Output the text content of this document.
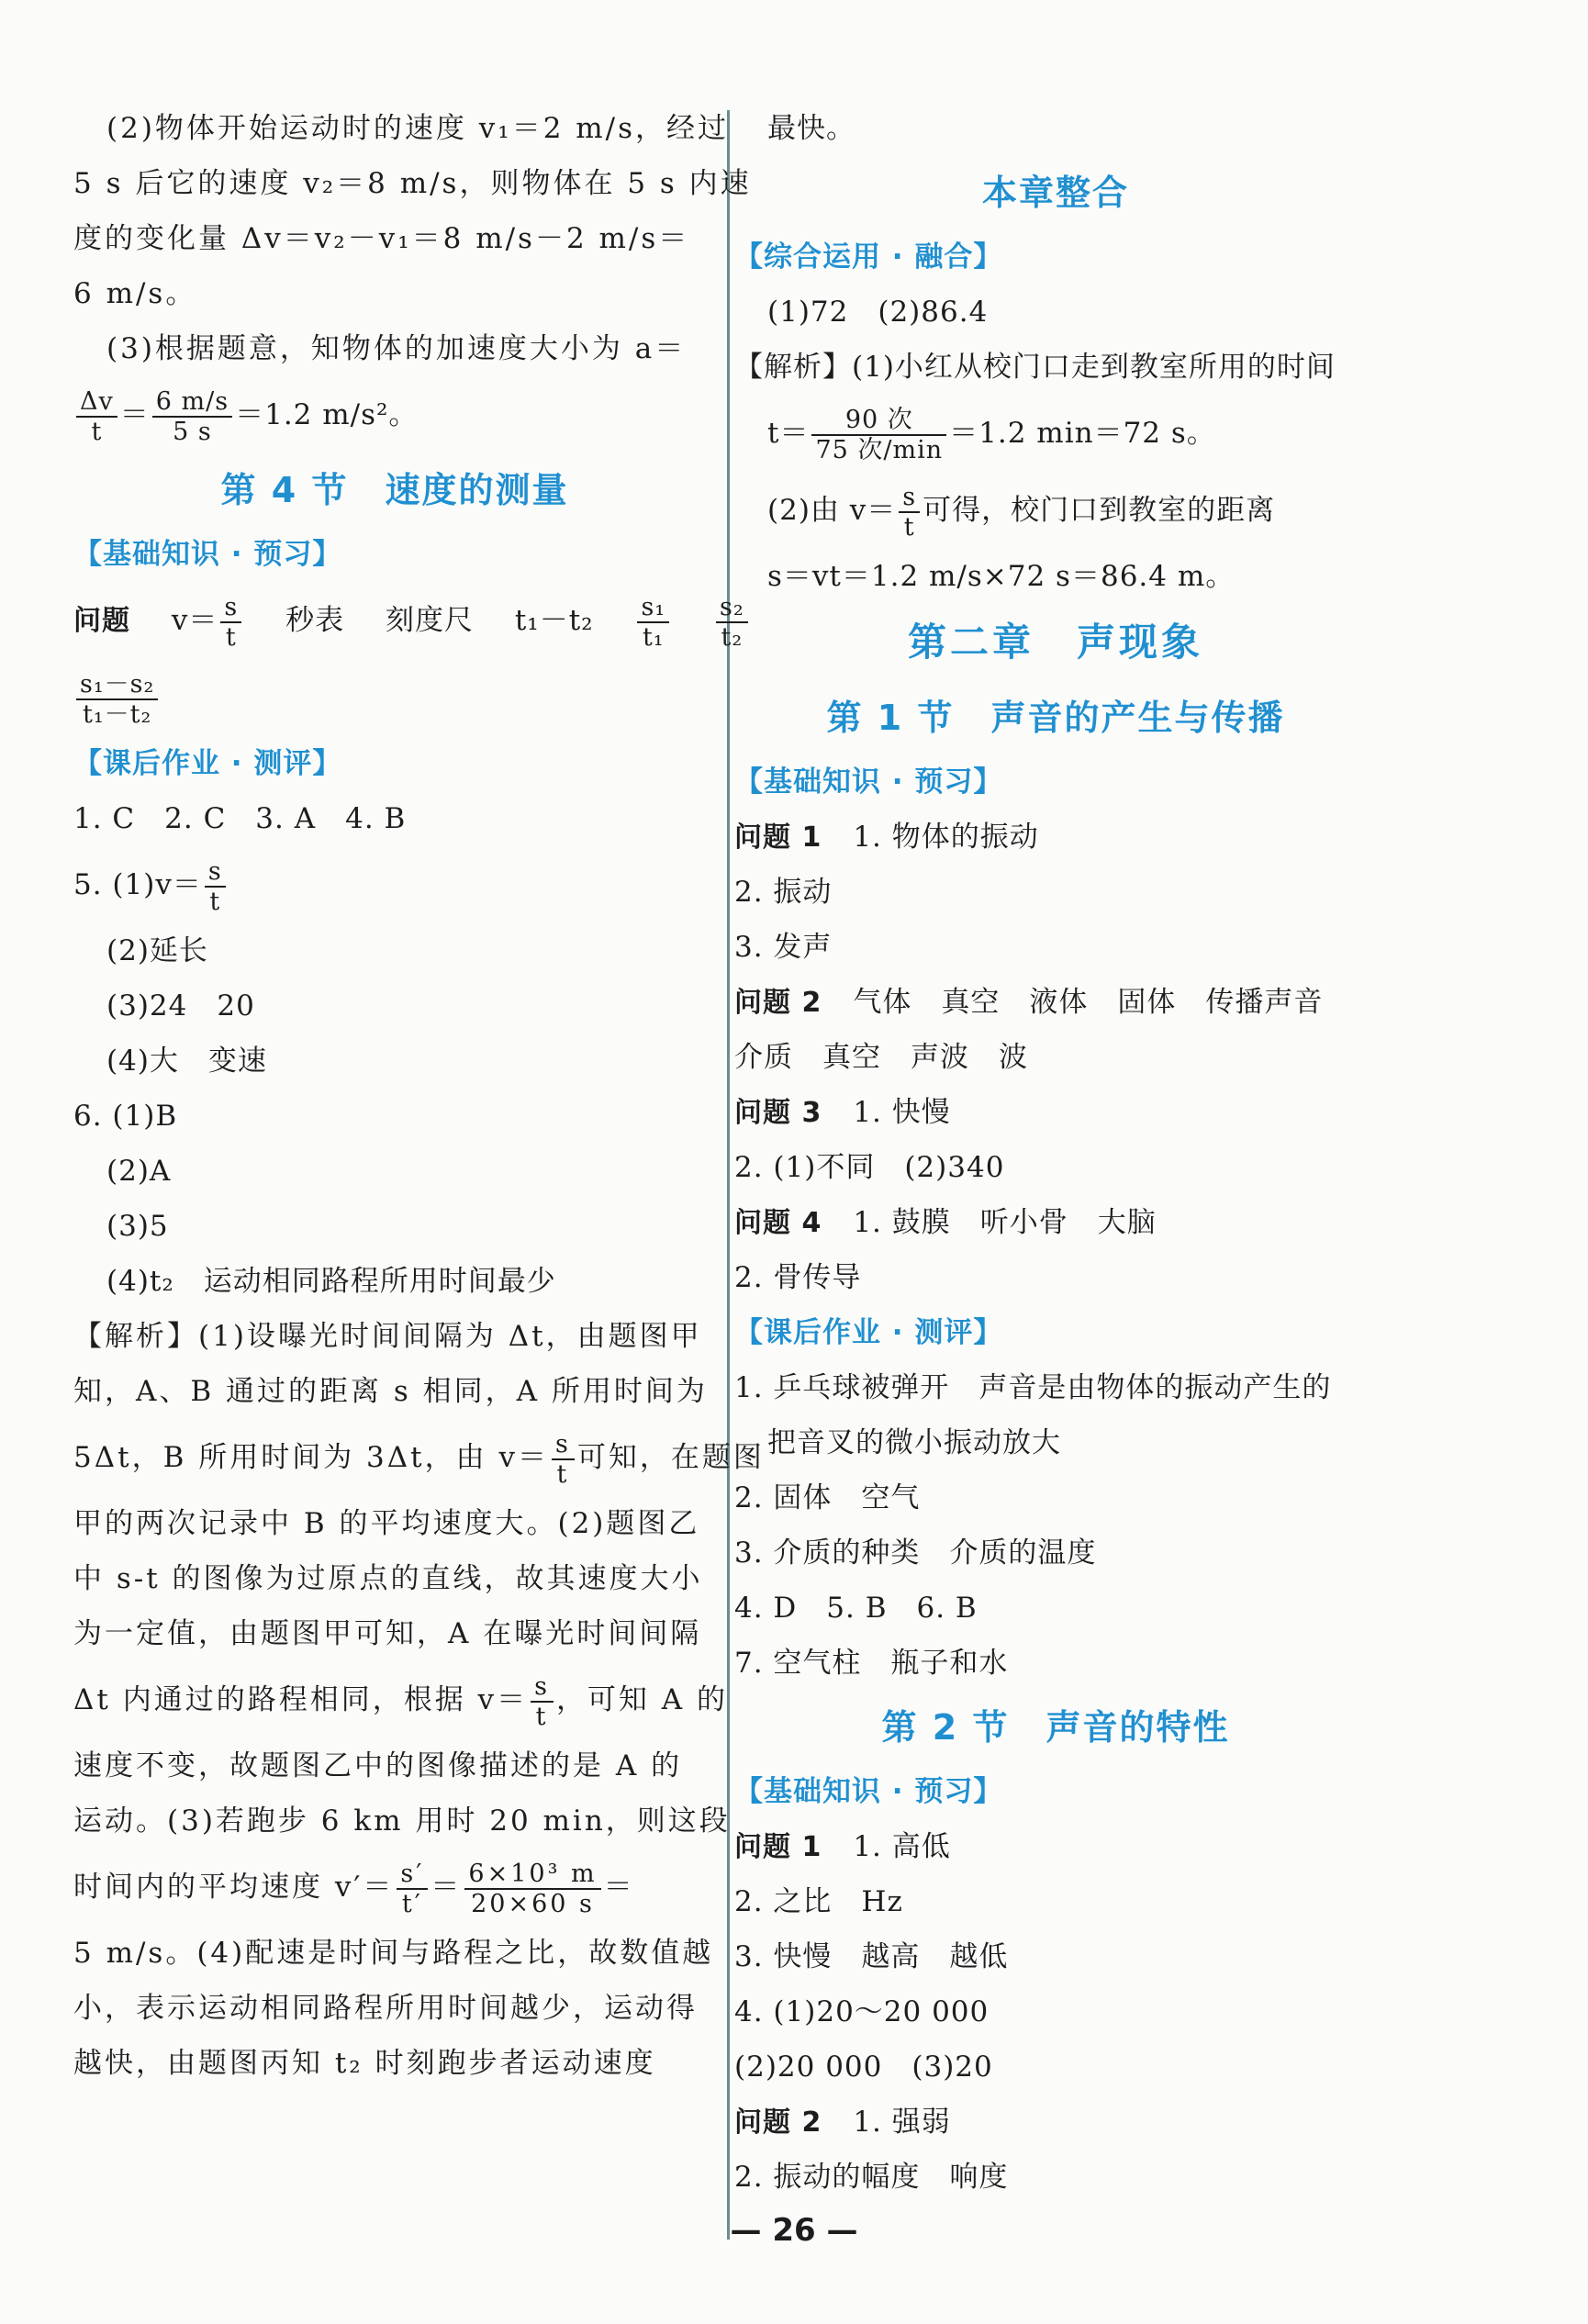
(2)物体开始运动时的速度 v₁＝2 m/s，经过
5 s 后它的速度 v₂＝8 m/s，则物体在 5 s 内速
度的变化量 Δv＝v₂－v₁＝8 m/s－2 m/s＝
6 m/s。
(3)根据题意，知物体的加速度大小为 a＝
$\frac{\Delta v}{t} = \frac{6 m/s}{5 s} =1.2$ m/s²。
第 4 节　速度的测量
【基础知识 · 预习】
问题 $v= \frac{s}{t}$ 秒表 刻度尺 $t_1-t_2 \frac{\text{s₁}}{\text{t₁}}$
$\frac{\text{s₂}}{\text{t₂}}$
$\frac{\text{s₁－s₂}}{\text{t₁－t₂}}$
【课后作业 · 测评】
1. C　2. C　3. A　4. B
5. $(1)v= \frac{s}{t}$
(2)延长
(3)24　20
(4)大　变速
6. (1)B
(2)A
(3)5
(4)t₂　运动相同路程所用时间最少
【解析】(1)设曝光时间间隔为 Δt，由题图甲
知，A、B 通过的距离 s 相同，A 所用时间为
5Δt，B 所用时间为 3Δt，由 $v= \frac{s}{t}$ 可知，在题图
甲的两次记录中 B 的平均速度大。(2)题图乙
中 s-t 的图像为过原点的直线，故其速度大小
为一定值，由题图甲可知，A 在曝光时间间隔
Δt 内通过的路程相同，根据 $v= \frac{s}{t}$ ，可知 A 的
速度不变，故题图乙中的图像描述的是 A 的
运动。(3)若跑步 6 km 用时 20 min，则这段
时间内的平均速度 $v'= \frac{s'}{t'} = \frac{\text{6×10³ m}}{20\times 60 s}$ ＝
5 m/s。(4)配速是时间与路程之比，故数值越
小，表示运动相同路程所用时间越少，运动得
越快，由题图丙知 t₂ 时刻跑步者运动速度
最快。
本章整合
【综合运用 · 融合】
(1)72　(2)86.4
【解析】(1)小红从校门口走到教室所用的时间
$t= \frac{\text{90 次}}{\text{75 次/min}} =1.2$ min＝72 s。
(2)由 $v= \frac{s}{t}$ 可得，校门口到教室的距离
s＝vt＝1.2 m/s×72 s＝86.4 m。
第二章　声现象
第 1 节　声音的产生与传播
【基础知识 · 预习】
问题 1 1. 物体的振动
2. 振动
3. 发声
问题 2 气体　真空　液体　固体　传播声音
介质　真空　声波　波
问题 3 1. 快慢
2. (1)不同　(2)340
问题 4 1. 鼓膜　听小骨　大脑
2. 骨传导
【课后作业 · 测评】
1. 乒乓球被弹开　声音是由物体的振动产生的
把音叉的微小振动放大
2. 固体　空气
3. 介质的种类　介质的温度
4. D　5. B　6. B
7. 空气柱　瓶子和水
第 2 节　声音的特性
【基础知识 · 预习】
问题 1 1. 高低
2. 之比　Hz
3. 快慢　越高　越低
4. (1)20～20 000
(2)20 000　(3)20
问题 2 1. 强弱
2. 振动的幅度　响度
— 26 —
